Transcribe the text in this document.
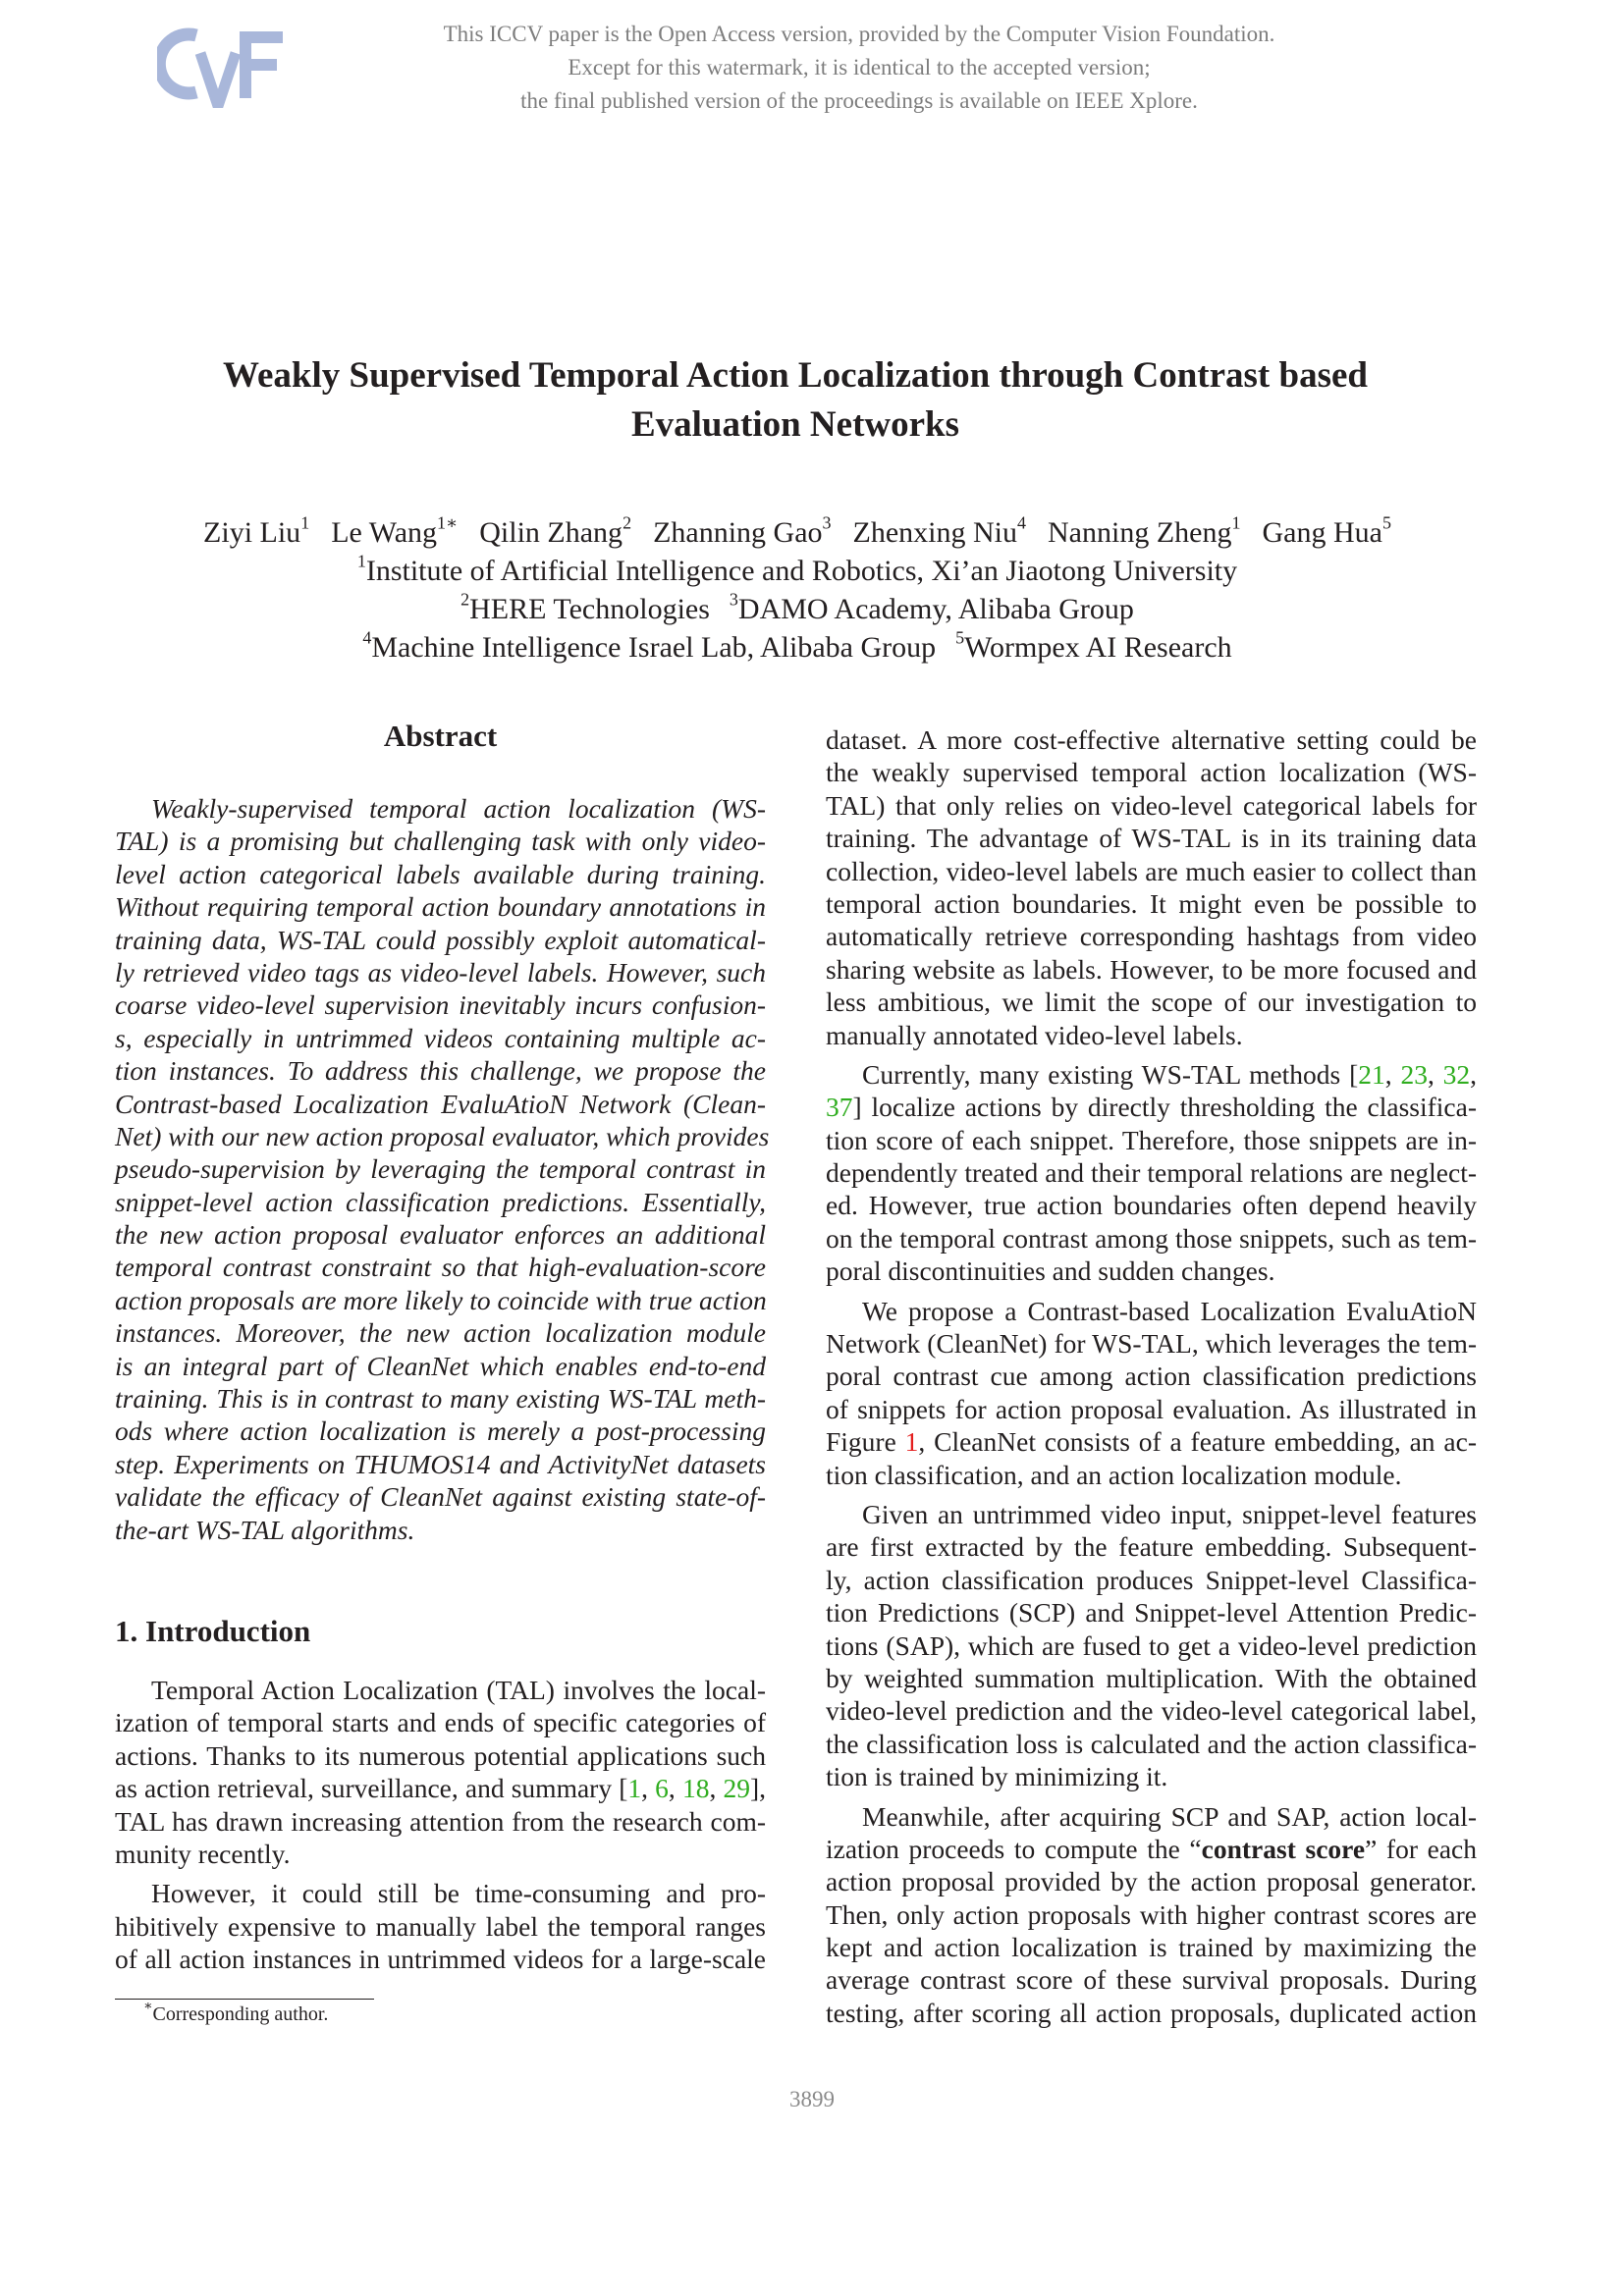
This ICCV paper is the Open Access version, provided by the Computer Vision Foundation.
Except for this watermark, it is identical to the accepted version;
the final published version of the proceedings is available on IEEE Xplore.
Weakly Supervised Temporal Action Localization through Contrast based
Evaluation Networks
Ziyi Liu$^1$ Le Wang$^{1∗}$ Qilin Zhang$^2$ Zhanning Gao$^3$ Zhenxing Niu$^4$ Nanning Zheng$^1$ Gang Hua$^5$
$^1$Institute of Artificial Intelligence and Robotics, Xi’an Jiaotong University
$^2$HERE Technologies $^3$DAMO Academy, Alibaba Group
$^4$Machine Intelligence Israel Lab, Alibaba Group $^5$Wormpex AI Research
Abstract
Weakly-supervised temporal action localization (WS-
TAL) is a promising but challenging task with only video-
level action categorical labels available during training.
Without requiring temporal action boundary annotations in
training data, WS-TAL could possibly exploit automatical-
ly retrieved video tags as video-level labels. However, such
coarse video-level supervision inevitably incurs confusion-
s, especially in untrimmed videos containing multiple ac-
tion instances. To address this challenge, we propose the
Contrast-based Localization EvaluAtioN Network (Clean-
Net) with our new action proposal evaluator, which provides
pseudo-supervision by leveraging the temporal contrast in
snippet-level action classification predictions. Essentially,
the new action proposal evaluator enforces an additional
temporal contrast constraint so that high-evaluation-score
action proposals are more likely to coincide with true action
instances. Moreover, the new action localization module
is an integral part of CleanNet which enables end-to-end
training. This is in contrast to many existing WS-TAL meth-
ods where action localization is merely a post-processing
step. Experiments on THUMOS14 and ActivityNet datasets
validate the efficacy of CleanNet against existing state-of-
the-art WS-TAL algorithms.
1. Introduction
Temporal Action Localization (TAL) involves the local-
ization of temporal starts and ends of specific categories of
actions. Thanks to its numerous potential applications such
as action retrieval, surveillance, and summary [1, 6, 18, 29],
TAL has drawn increasing attention from the research com-
munity recently.
However, it could still be time-consuming and pro-
hibitively expensive to manually label the temporal ranges
of all action instances in untrimmed videos for a large-scale
dataset. A more cost-effective alternative setting could be
the weakly supervised temporal action localization (WS-
TAL) that only relies on video-level categorical labels for
training. The advantage of WS-TAL is in its training data
collection, video-level labels are much easier to collect than
temporal action boundaries. It might even be possible to
automatically retrieve corresponding hashtags from video
sharing website as labels. However, to be more focused and
less ambitious, we limit the scope of our investigation to
manually annotated video-level labels.
Currently, many existing WS-TAL methods [21, 23, 32,
37] localize actions by directly thresholding the classifica-
tion score of each snippet. Therefore, those snippets are in-
dependently treated and their temporal relations are neglect-
ed. However, true action boundaries often depend heavily
on the temporal contrast among those snippets, such as tem-
poral discontinuities and sudden changes.
We propose a Contrast-based Localization EvaluAtioN
Network (CleanNet) for WS-TAL, which leverages the tem-
poral contrast cue among action classification predictions
of snippets for action proposal evaluation. As illustrated in
Figure 1, CleanNet consists of a feature embedding, an ac-
tion classification, and an action localization module.
Given an untrimmed video input, snippet-level features
are first extracted by the feature embedding. Subsequent-
ly, action classification produces Snippet-level Classifica-
tion Predictions (SCP) and Snippet-level Attention Predic-
tions (SAP), which are fused to get a video-level prediction
by weighted summation multiplication. With the obtained
video-level prediction and the video-level categorical label,
the classification loss is calculated and the action classifica-
tion is trained by minimizing it.
Meanwhile, after acquiring SCP and SAP, action local-
ization proceeds to compute the “contrast score” for each
action proposal provided by the action proposal generator.
Then, only action proposals with higher contrast scores are
kept and action localization is trained by maximizing the
average contrast score of these survival proposals. During
testing, after scoring all action proposals, duplicated action
∗Corresponding author.
3899
